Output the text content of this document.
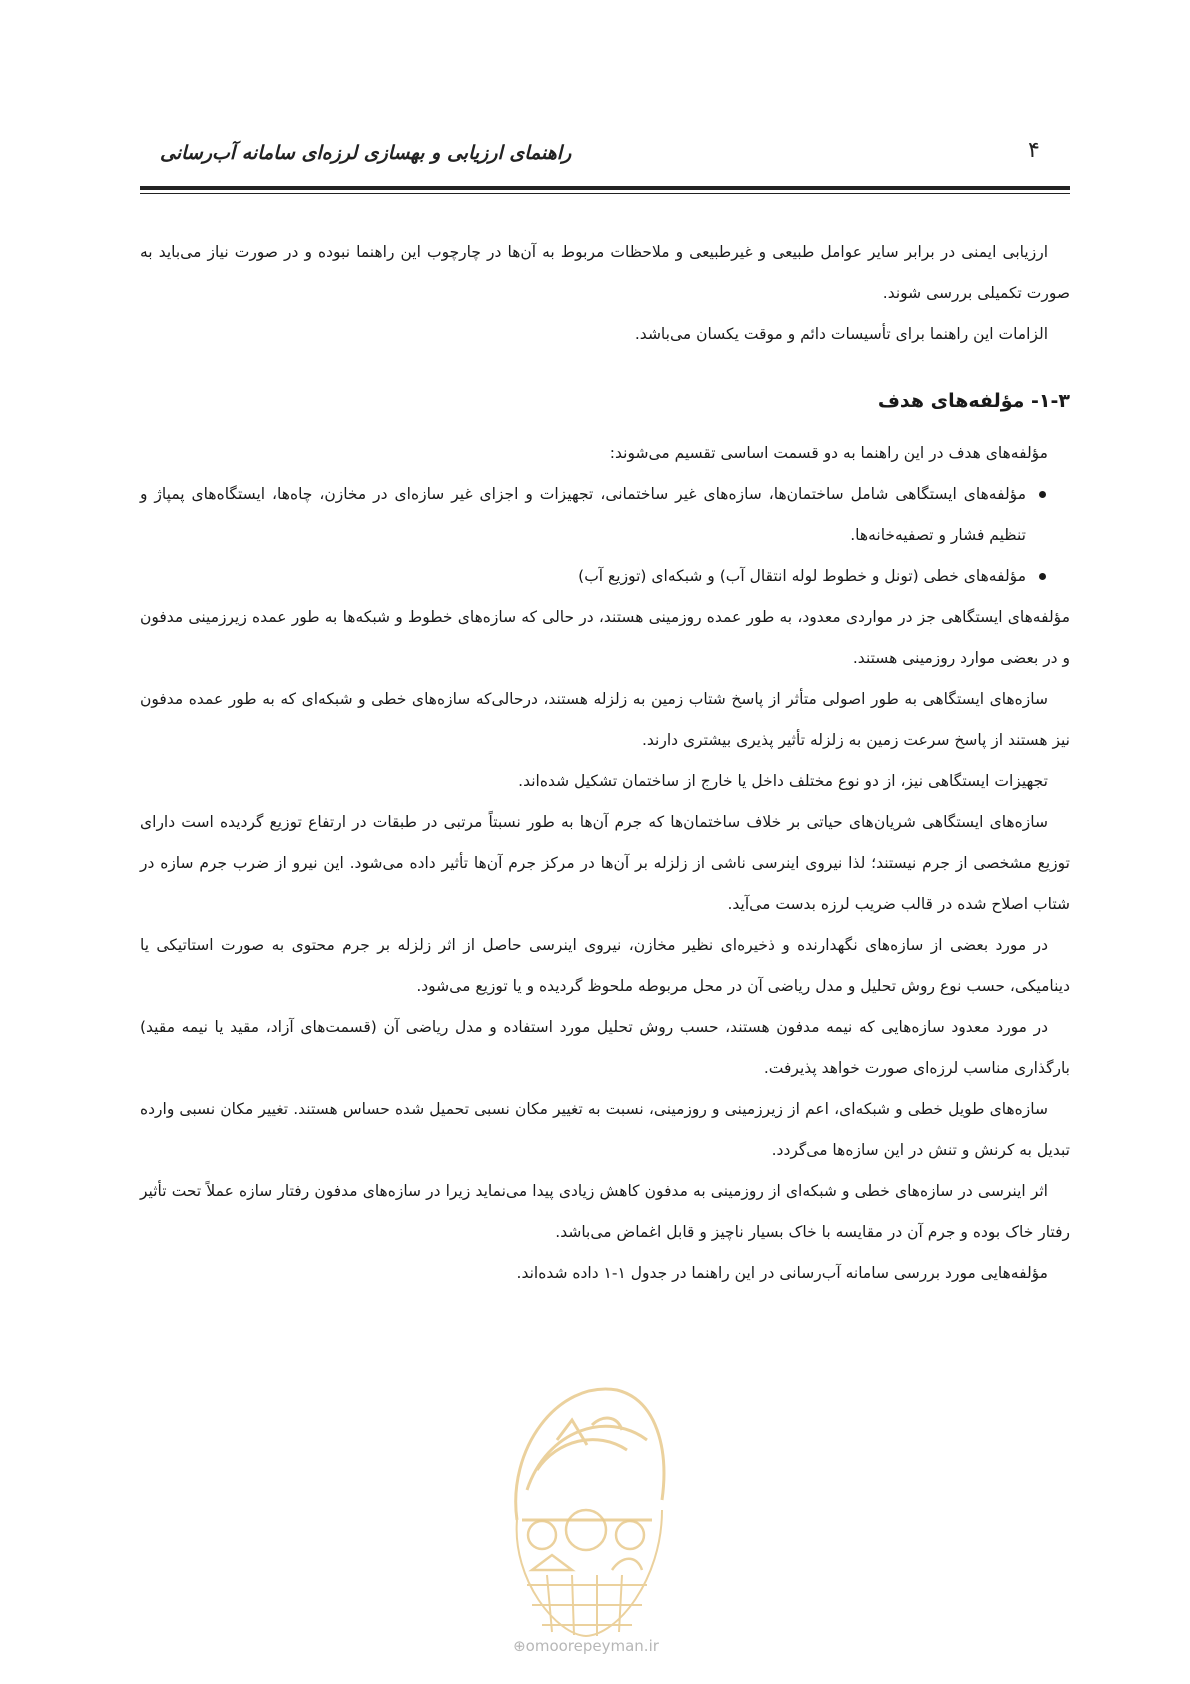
راهنمای ارزیابی و بهسازی لرزه‌ای سامانه آب‌رسانی	۴

ارزیابی ایمنی در برابر سایر عوامل طبیعی و غیرطبیعی و ملاحظات مربوط به آن‌ها در چارچوب این راهنما نبوده و در صورت نیاز می‌باید به صورت تکمیلی بررسی شوند.

الزامات این راهنما برای تأسیسات دائم و موقت یکسان می‌باشد.

۱-۳- مؤلفه‌های هدف

مؤلفه‌های هدف در این راهنما به دو قسمت اساسی تقسیم می‌شوند:

مؤلفه‌های ایستگاهی شامل ساختمان‌ها، سازه‌های غیر ساختمانی، تجهیزات و اجزای غیر سازه‌ای در مخازن، چاه‌ها، ایستگاه‌های پمپاژ و تنظیم فشار و تصفیه‌خانه‌ها.
مؤلفه‌های خطی (تونل و خطوط لوله انتقال آب) و شبکه‌ای (توزیع آب)

مؤلفه‌های ایستگاهی جز در مواردی معدود، به طور عمده روزمینی هستند، در حالی که سازه‌های خطوط و شبکه‌ها به طور عمده زیرزمینی مدفون و در بعضی موارد روزمینی هستند.

سازه‌های ایستگاهی به طور اصولی متأثر از پاسخ شتاب زمین به زلزله هستند، درحالی‌که سازه‌های خطی و شبکه‌ای که به طور عمده مدفون نیز هستند از پاسخ سرعت زمین به زلزله تأثیر پذیری بیشتری دارند.

تجهیزات ایستگاهی نیز، از دو نوع مختلف داخل یا خارج از ساختمان تشکیل شده‌اند.

سازه‌های ایستگاهی شریان‌های حیاتی بر خلاف ساختمان‌ها که جرم آن‌ها به طور نسبتاً مرتبی در طبقات در ارتفاع توزیع گردیده است دارای توزیع مشخصی از جرم نیستند؛ لذا نیروی اینرسی ناشی از زلزله بر آن‌ها در مرکز جرم آن‌ها تأثیر داده می‌شود. این نیرو از ضرب جرم سازه در شتاب اصلاح شده در قالب ضریب لرزه بدست می‌آید.

در مورد بعضی از سازه‌های نگهدارنده و ذخیره‌ای نظیر مخازن، نیروی اینرسی حاصل از اثر زلزله بر جرم محتوی به صورت استاتیکی یا دینامیکی، حسب نوع روش تحلیل و مدل ریاضی آن در محل مربوطه ملحوظ گردیده و یا توزیع می‌شود.

در مورد معدود سازه‌هایی که نیمه مدفون هستند، حسب روش تحلیل مورد استفاده و مدل ریاضی آن (قسمت‌های آزاد، مقید یا نیمه مقید) بارگذاری مناسب لرزه‌ای صورت خواهد پذیرفت.

سازه‌های طویل خطی و شبکه‌ای، اعم از زیرزمینی و روزمینی، نسبت به تغییر مکان نسبی تحمیل شده حساس هستند. تغییر مکان نسبی وارده تبدیل به کرنش و تنش در این سازه‌ها می‌گردد.

اثر اینرسی در سازه‌های خطی و شبکه‌ای از روزمینی به مدفون کاهش زیادی پیدا می‌نماید زیرا در سازه‌های مدفون رفتار سازه عملاً تحت تأثیر رفتار خاک بوده و جرم آن در مقایسه با خاک بسیار ناچیز و قابل اغماض می‌باشد.

مؤلفه‌هایی مورد بررسی سامانه آب‌رسانی در این راهنما در جدول ۱-۱ داده شده‌اند.

⊕omoorepeyman.ir
